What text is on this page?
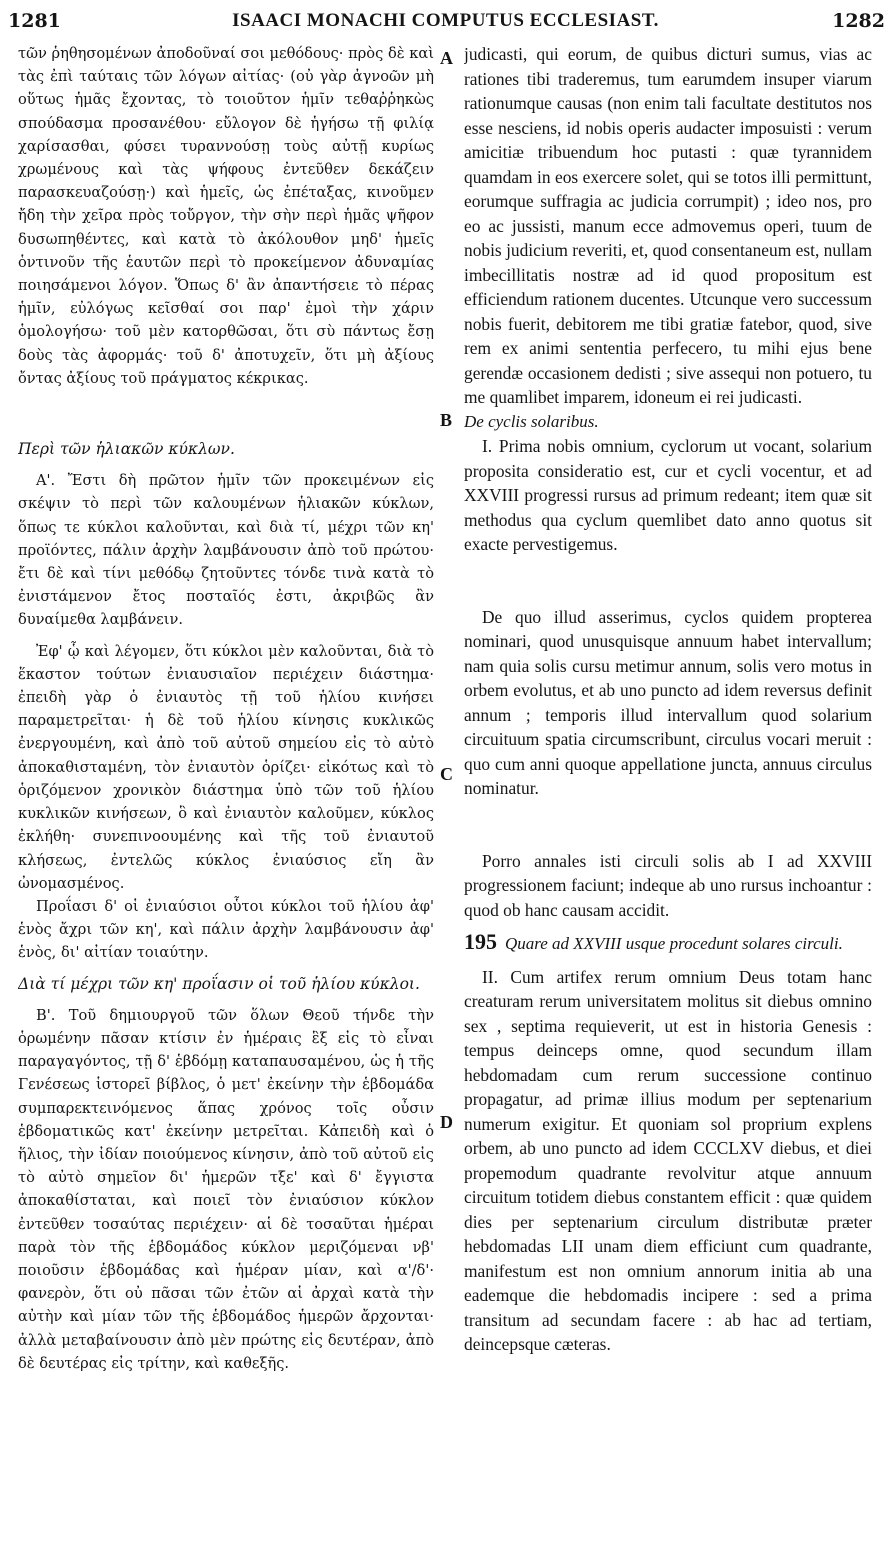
1281	ISAACI MONACHI COMPUTUS ECCLESIAST.	1282

τῶν ῥηθησομένων ἀποδοῦναί σοι μεθόδους· πρὸς δὲ καὶ τὰς ἐπὶ ταύταις τῶν λόγων αἰτίας· (οὐ γὰρ ἀγνοῶν μὴ οὕτως ἡμᾶς ἔχοντας, τὸ τοιοῦτον ἡμῖν τεθαῤῥηκὼς σπούδασμα προσανέθου· εὔλογον δὲ ἡγήσω τῇ φιλίᾳ χαρίσασθαι, φύσει τυραννούσῃ τοὺς αὐτῇ κυρίως χρωμένους καὶ τὰς ψήφους ἐντεῦθεν δεκάζειν παρασκευαζούσῃ·) καὶ ἡμεῖς, ὡς ἐπέταξας, κινοῦμεν ἤδη τὴν χεῖρα πρὸς τοὔργον, τὴν σὴν περὶ ἡμᾶς ψῆφον δυσωπηθέντες, καὶ κατὰ τὸ ἀκόλουθον μηδ' ἡμεῖς ὁντινοῦν τῆς ἑαυτῶν περὶ τὸ προκείμενον ἀδυναμίας ποιησάμενοι λόγον. Ὅπως δ' ἂν ἀπαντήσειε τὸ πέρας ἡμῖν, εὐλόγως κεῖσθαί σοι παρ' ἐμοὶ τὴν χάριν ὁμολογήσω· τοῦ μὲν κατορθῶσαι, ὅτι σὺ πάντως ἔσῃ δοὺς τὰς ἀφορμάς· τοῦ δ' ἀποτυχεῖν, ὅτι μὴ ἀξίους ὄντας ἀξίους τοῦ πράγματος κέκρικας.

Περὶ τῶν ἡλιακῶν κύκλων.

Α'. Ἔστι δὴ πρῶτον ἡμῖν τῶν προκειμένων εἰς σκέψιν τὸ περὶ τῶν καλουμένων ἡλιακῶν κύκλων, ὅπως τε κύκλοι καλοῦνται, καὶ διὰ τί, μέχρι τῶν κη' προϊόντες, πάλιν ἀρχὴν λαμβάνουσιν ἀπὸ τοῦ πρώτου· ἔτι δὲ καὶ τίνι μεθόδῳ ζητοῦντες τόνδε τινὰ κατὰ τὸ ἐνιστάμενον ἔτος ποσταῖός ἐστι, ἀκριβῶς ἂν δυναίμεθα λαμβάνειν.

Ἐφ' ᾧ καὶ λέγομεν, ὅτι κύκλοι μὲν καλοῦνται, διὰ τὸ ἕκαστον τούτων ἐνιαυσιαῖον περιέχειν διάστημα· ἐπειδὴ γὰρ ὁ ἐνιαυτὸς τῇ τοῦ ἡλίου κινήσει παραμετρεῖται· ἡ δὲ τοῦ ἡλίου κίνησις κυκλικῶς ἐνεργουμένη, καὶ ἀπὸ τοῦ αὐτοῦ σημείου εἰς τὸ αὐτὸ ἀποκαθισταμένη, τὸν ἐνιαυτὸν ὁρίζει· εἰκότως καὶ τὸ ὁριζόμενον χρονικὸν διάστημα ὑπὸ τῶν τοῦ ἡλίου κυκλικῶν κινήσεων, ὃ καὶ ἐνιαυτὸν καλοῦμεν, κύκλος ἐκλήθη· συνεπινοουμένης καὶ τῆς τοῦ ἐνιαυτοῦ κλήσεως, ἐντελῶς κύκλος ἐνιαύσιος εἴη ἂν ὠνομασμένος.

Προΐασι δ' οἱ ἐνιαύσιοι οὗτοι κύκλοι τοῦ ἡλίου ἀφ' ἑνὸς ἄχρι τῶν κη', καὶ πάλιν ἀρχὴν λαμβάνουσιν ἀφ' ἑνὸς, δι' αἰτίαν τοιαύτην.

Διὰ τί μέχρι τῶν κη' προΐασιν οἱ τοῦ ἡλίου κύκλοι.

Β'. Τοῦ δημιουργοῦ τῶν ὅλων Θεοῦ τήνδε τὴν ὁρωμένην πᾶσαν κτίσιν ἐν ἡμέραις ἓξ εἰς τὸ εἶναι παραγαγόντος, τῇ δ' ἑβδόμῃ καταπαυσαμένου, ὡς ἡ τῆς Γενέσεως ἱστορεῖ βίβλος, ὁ μετ' ἐκείνην τὴν ἑβδομάδα συμπαρεκτεινόμενος ἅπας χρόνος τοῖς οὖσιν ἑβδοματικῶς κατ' ἐκείνην μετρεῖται. Κἀπειδὴ καὶ ὁ ἥλιος, τὴν ἰδίαν ποιούμενος κίνησιν, ἀπὸ τοῦ αὐτοῦ εἰς τὸ αὐτὸ σημεῖον δι' ἡμερῶν τξε' καὶ δ' ἔγγιστα ἀποκαθίσταται, καὶ ποιεῖ τὸν ἐνιαύσιον κύκλον ἐντεῦθεν τοσαύτας περιέχειν· αἱ δὲ τοσαῦται ἡμέραι παρὰ τὸν τῆς ἑβδομάδος κύκλον μεριζόμεναι νβ' ποιοῦσιν ἑβδομάδας καὶ ἡμέραν μίαν, καὶ α'/δ'· φανερὸν, ὅτι οὐ πᾶσαι τῶν ἐτῶν αἱ ἀρχαὶ κατὰ τὴν αὐτὴν καὶ μίαν τῶν τῆς ἑβδομάδος ἡμερῶν ἄρχονται· ἀλλὰ μεταβαίνουσιν ἀπὸ μὲν πρώτης εἰς δευτέραν, ἀπὸ δὲ δευτέρας εἰς τρίτην, καὶ καθεξῆς.

judicasti, qui eorum, de quibus dicturi sumus, vias ac rationes tibi traderemus, tum earumdem insuper viarum rationumque causas (non enim tali facultate destitutos nos esse nesciens, id nobis operis audacter imposuisti : verum amicitiæ tribuendum hoc putasti : quæ tyrannidem quamdam in eos exercere solet, qui se totos illi permittunt, eorumque suffragia ac judicia corrumpit) ; ideo nos, pro eo ac jussisti, manum ecce admovemus operi, tuum de nobis judicium reveriti, et, quod consentaneum est, nullam imbecillitatis nostræ ad id quod propositum est efficiendum rationem ducentes. Utcunque vero successum nobis fuerit, debitorem me tibi gratiæ fatebor, quod, sive rem ex animi sententia perfecero, tu mihi ejus bene gerendæ occasionem dedisti ; sive assequi non potuero, tu me quamlibet imparem, idoneum ei rei judicasti.

De cyclis solaribus.

I. Prima nobis omnium, cyclorum ut vocant, solarium proposita consideratio est, cur et cycli vocentur, et ad XXVIII progressi rursus ad primum redeant; item quæ sit methodus qua cyclum quemlibet dato anno quotus sit exacte pervestigemus.

De quo illud asserimus, cyclos quidem propterea nominari, quod unusquisque annuum habet intervallum; nam quia solis cursu metimur annum, solis vero motus in orbem evolutus, et ab uno puncto ad idem reversus definit annum ; temporis illud intervallum quod solarium circuituum spatia circumscribunt, circulus vocari meruit : quo cum anni quoque appellatione juncta, annuus circulus nominatur.

Porro annales isti circuli solis ab I ad XXVIII progressionem faciunt; indeque ab uno rursus inchoantur : quod ob hanc causam accidit.

195 Quare ad XXVIII usque procedunt solares circuli.

II. Cum artifex rerum omnium Deus totam hanc creaturam rerum universitatem molitus sit diebus omnino sex , septima requieverit, ut est in historia Genesis : tempus deinceps omne, quod secundum illam hebdomadam cum rerum successione continuo propagatur, ad primæ illius modum per septenarium numerum exigitur. Et quoniam sol proprium explens orbem, ab uno puncto ad idem CCCLXV diebus, et diei propemodum quadrante revolvitur atque annuum circuitum totidem diebus constantem efficit : quæ quidem dies per septenarium circulum distributæ præter hebdomadas LII unam diem efficiunt cum quadrante, manifestum est non omnium annorum initia ab una eademque die hebdomadis incipere : sed a prima transitum ad secundam facere : ab hac ad tertiam, deincepsque cæteras.

A
B
C
D
